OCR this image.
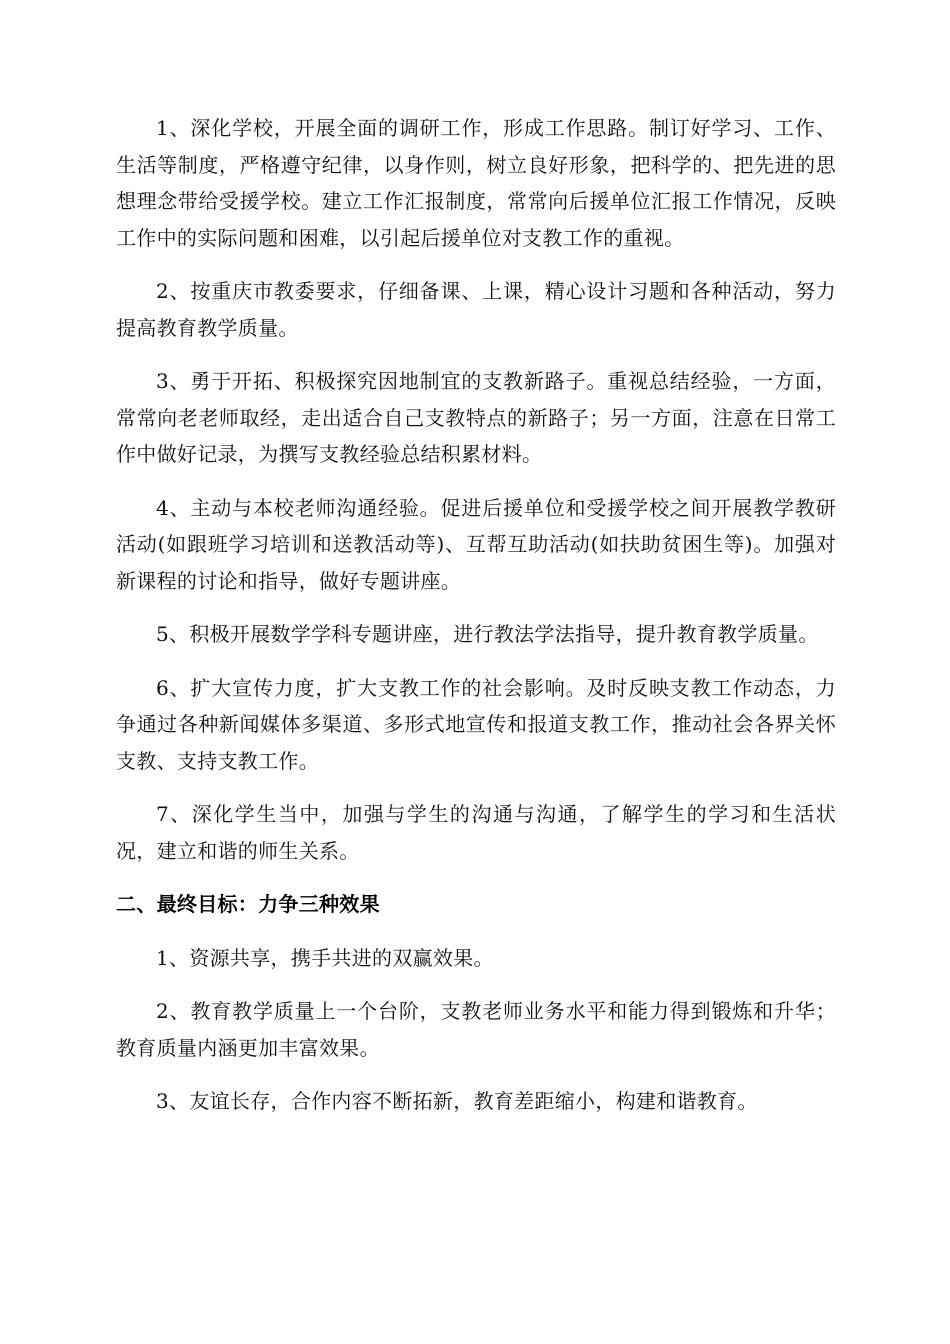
1、深化学校，开展全面的调研工作，形成工作思路。制订好学习、工作、生活等制度，严格遵守纪律，以身作则，树立良好形象，把科学的、把先进的思想理念带给受援学校。建立工作汇报制度，常常向后援单位汇报工作情况，反映工作中的实际问题和困难，以引起后援单位对支教工作的重视。

2、按重庆市教委要求，仔细备课、上课，精心设计习题和各种活动，努力提高教育教学质量。

3、勇于开拓、积极探究因地制宜的支教新路子。重视总结经验，一方面，常常向老老师取经，走出适合自己支教特点的新路子；另一方面，注意在日常工作中做好记录，为撰写支教经验总结积累材料。

4、主动与本校老师沟通经验。促进后援单位和受援学校之间开展教学教研活动(如跟班学习培训和送教活动等)、互帮互助活动(如扶助贫困生等)。加强对新课程的讨论和指导，做好专题讲座。

5、积极开展数学学科专题讲座，进行教法学法指导，提升教育教学质量。

6、扩大宣传力度，扩大支教工作的社会影响。及时反映支教工作动态，力争通过各种新闻媒体多渠道、多形式地宣传和报道支教工作，推动社会各界关怀支教、支持支教工作。

7、深化学生当中，加强与学生的沟通与沟通，了解学生的学习和生活状况，建立和谐的师生关系。

二、最终目标：力争三种效果

1、资源共享，携手共进的双赢效果。

2、教育教学质量上一个台阶，支教老师业务水平和能力得到锻炼和升华；教育质量内涵更加丰富效果。

3、友谊长存，合作内容不断拓新，教育差距缩小，构建和谐教育。
